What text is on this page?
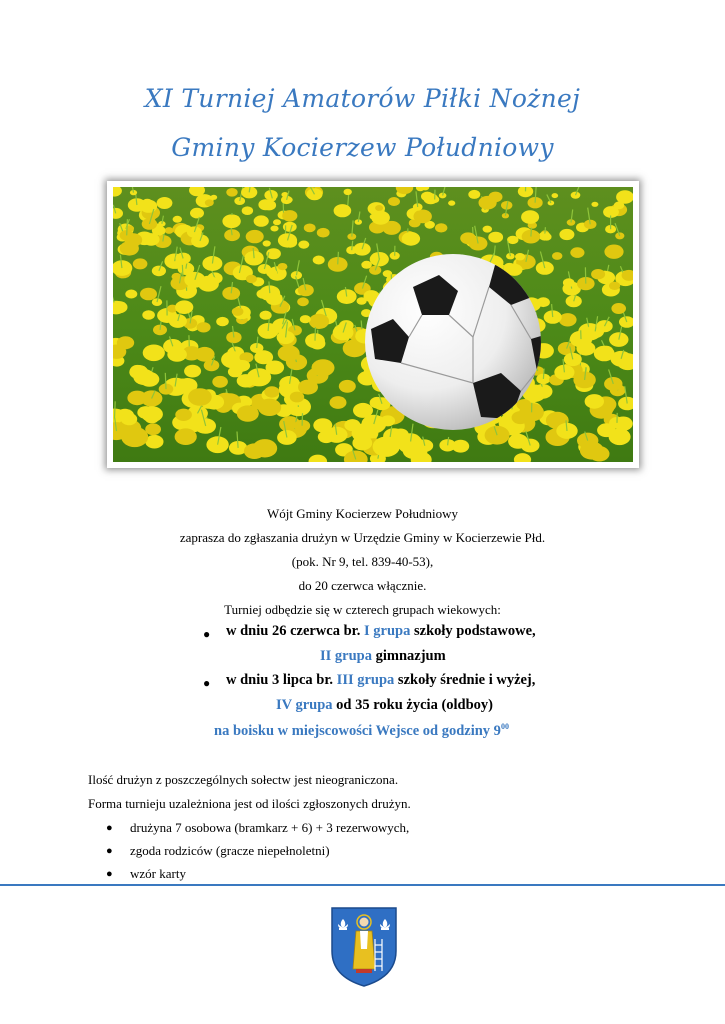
XI Turniej Amatorów Piłki Nożnej
Gminy Kocierzew Południowy
Wójt Gminy Kocierzew Południowy
zaprasza do zgłaszania drużyn w Urzędzie Gminy w Kocierzewie Płd.
(pok. Nr 9, tel. 839-40-53),
do 20 czerwca włącznie.
Turniej odbędzie się w czterech grupach wiekowych:
● w dniu 26 czerwca br. I grupa szkoły podstawowe,
II grupa gimnazjum
● w dniu 3 lipca br. III grupa szkoły średnie i wyżej,
IV grupa od 35 roku życia (oldboy)
na boisku w miejscowości Wejsce od godziny $9^{00}$
Ilość drużyn z poszczególnych sołectw jest nieograniczona.
Forma turnieju uzależniona jest od ilości zgłoszonych drużyn.
● drużyna 7 osobowa (bramkarz + 6) + 3 rezerwowych,
● zgoda rodziców (gracze niepełnoletni)
● wzór karty
